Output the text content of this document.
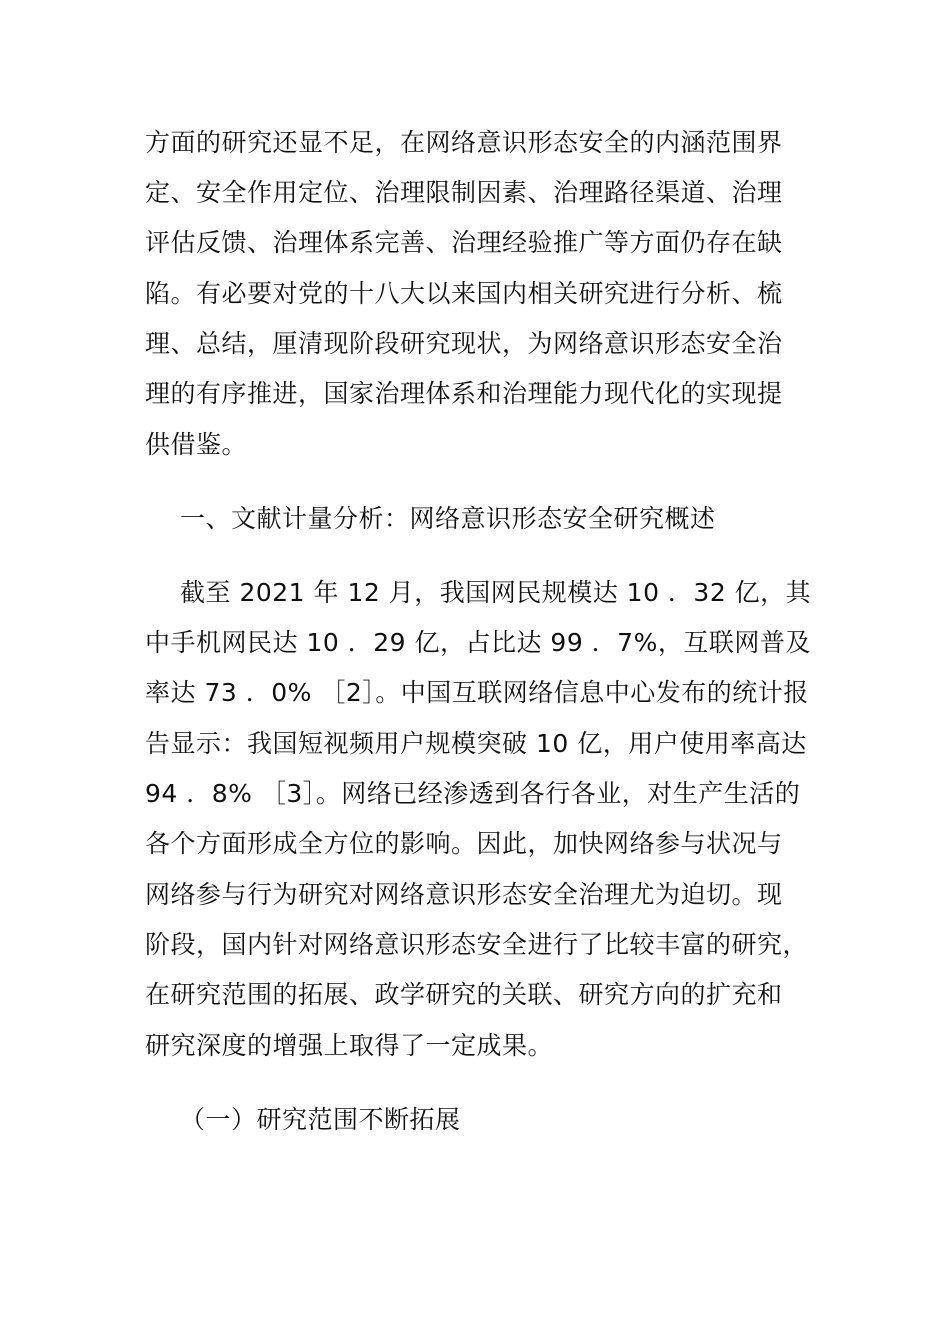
方面的研究还显不足，在网络意识形态安全的内涵范围界
定、安全作用定位、治理限制因素、治理路径渠道、治理
评估反馈、治理体系完善、治理经验推广等方面仍存在缺
陷。有必要对党的十八大以来国内相关研究进行分析、梳
理、总结，厘清现阶段研究现状，为网络意识形态安全治
理的有序推进，国家治理体系和治理能力现代化的实现提
供借鉴。
一、文献计量分析：网络意识形态安全研究概述
截至 2021 年 12 月，我国网民规模达 10 ．32 亿，其
中手机网民达 10 ．29 亿，占比达 99 ．7%，互联网普及
率达 73 ．0% ［2］。中国互联网络信息中心发布的统计报
告显示：我国短视频用户规模突破 10 亿，用户使用率高达
94 ．8% ［3］。网络已经渗透到各行各业，对生产生活的
各个方面形成全方位的影响。因此，加快网络参与状况与
网络参与行为研究对网络意识形态安全治理尤为迫切。现
阶段，国内针对网络意识形态安全进行了比较丰富的研究，
在研究范围的拓展、政学研究的关联、研究方向的扩充和
研究深度的增强上取得了一定成果。
（一）研究范围不断拓展
